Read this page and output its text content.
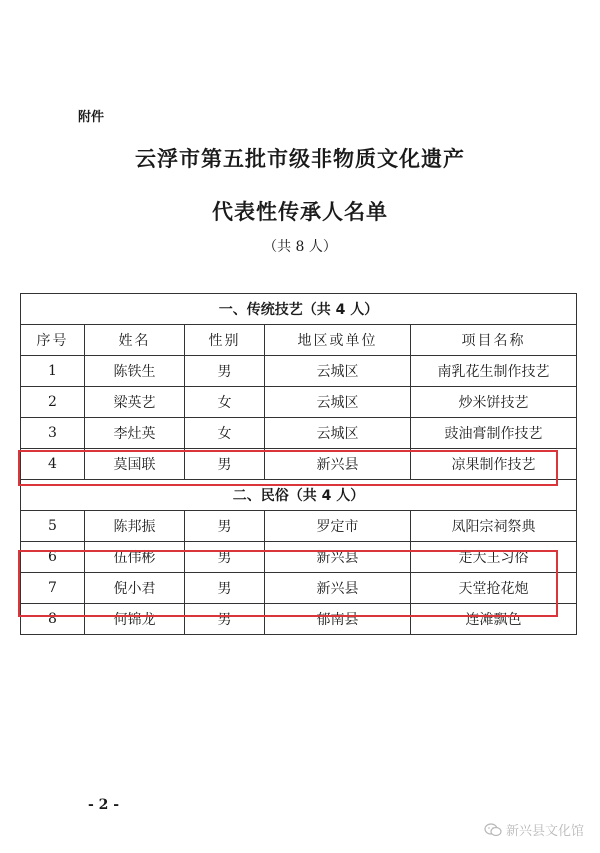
附件
云浮市第五批市级非物质文化遗产
代表性传承人名单
（共 8 人）
一、传统技艺（共 4 人）				
序号	姓名	性别	地区或单位	项目名称
1	陈铁生	男	云城区	南乳花生制作技艺
2	梁英艺	女	云城区	炒米饼技艺
3	李灶英	女	云城区	豉油膏制作技艺
4	莫国联	男	新兴县	凉果制作技艺
二、民俗（共 4 人）				
5	陈邦振	男	罗定市	凤阳宗祠祭典
6	伍伟彬	男	新兴县	走大王习俗
7	倪小君	男	新兴县	天堂抢花炮
8	何锦龙	男	郁南县	连滩飘色
- 2 -
新兴县文化馆
